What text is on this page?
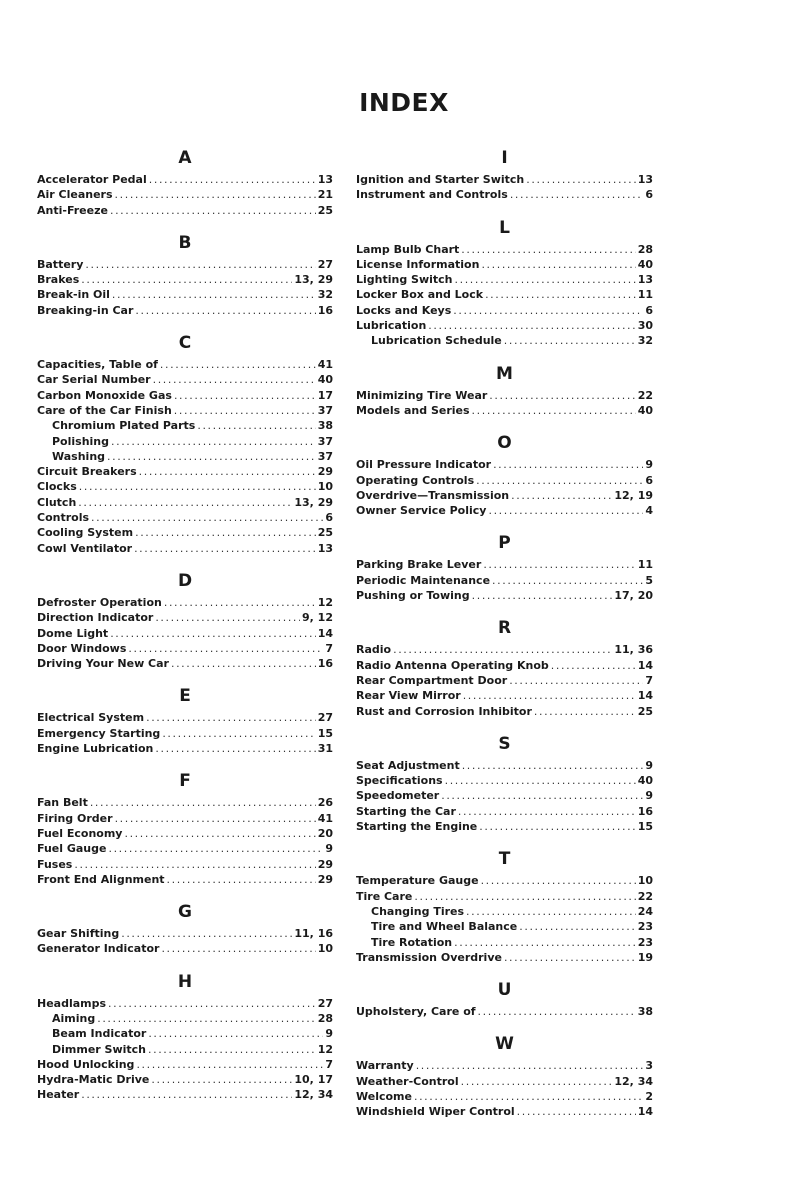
INDEX
A
Accelerator Pedal .....	13
Air Cleaners .....	21
Anti-Freeze .....	25
B
Battery .....	27
Brakes .....	13, 29
Break-in Oil .....	32
Breaking-in Car .....	16
C
Capacities, Table of .....	41
Car Serial Number .....	40
Carbon Monoxide Gas .....	17
Care of the Car Finish .....	37
Chromium Plated Parts .....	38
Polishing .....	37
Washing .....	37
Circuit Breakers .....	29
Clocks .....	10
Clutch .....	13, 29
Controls .....	6
Cooling System .....	25
Cowl Ventilator .....	13
D
Defroster Operation .....	12
Direction Indicator .....	9, 12
Dome Light .....	14
Door Windows .....	7
Driving Your New Car .....	16
E
Electrical System .....	27
Emergency Starting .....	15
Engine Lubrication .....	31
F
Fan Belt .....	26
Firing Order .....	41
Fuel Economy .....	20
Fuel Gauge .....	9
Fuses .....	29
Front End Alignment .....	29
G
Gear Shifting .....	11, 16
Generator Indicator .....	10
H
Headlamps .....	27
Aiming .....	28
Beam Indicator .....	9
Dimmer Switch .....	12
Hood Unlocking .....	7
Hydra-Matic Drive .....	10, 17
Heater .....	12, 34
I
Ignition and Starter Switch .....	13
Instrument and Controls .....	6
L
Lamp Bulb Chart .....	28
License Information .....	40
Lighting Switch .....	13
Locker Box and Lock .....	11
Locks and Keys .....	6
Lubrication .....	30
Lubrication Schedule .....	32
M
Minimizing Tire Wear .....	22
Models and Series .....	40
O
Oil Pressure Indicator .....	9
Operating Controls .....	6
Overdrive—Transmission .....	12, 19
Owner Service Policy .....	4
P
Parking Brake Lever .....	11
Periodic Maintenance .....	5
Pushing or Towing .....	17, 20
R
Radio .....	11, 36
Radio Antenna Operating Knob .....	14
Rear Compartment Door .....	7
Rear View Mirror .....	14
Rust and Corrosion Inhibitor .....	25
S
Seat Adjustment .....	9
Specifications .....	40
Speedometer .....	9
Starting the Car .....	16
Starting the Engine .....	15
T
Temperature Gauge .....	10
Tire Care .....	22
Changing Tires .....	24
Tire and Wheel Balance .....	23
Tire Rotation .....	23
Transmission Overdrive .....	19
U
Upholstery, Care of .....	38
W
Warranty .....	3
Weather-Control .....	12, 34
Welcome .....	2
Windshield Wiper Control .....	14
